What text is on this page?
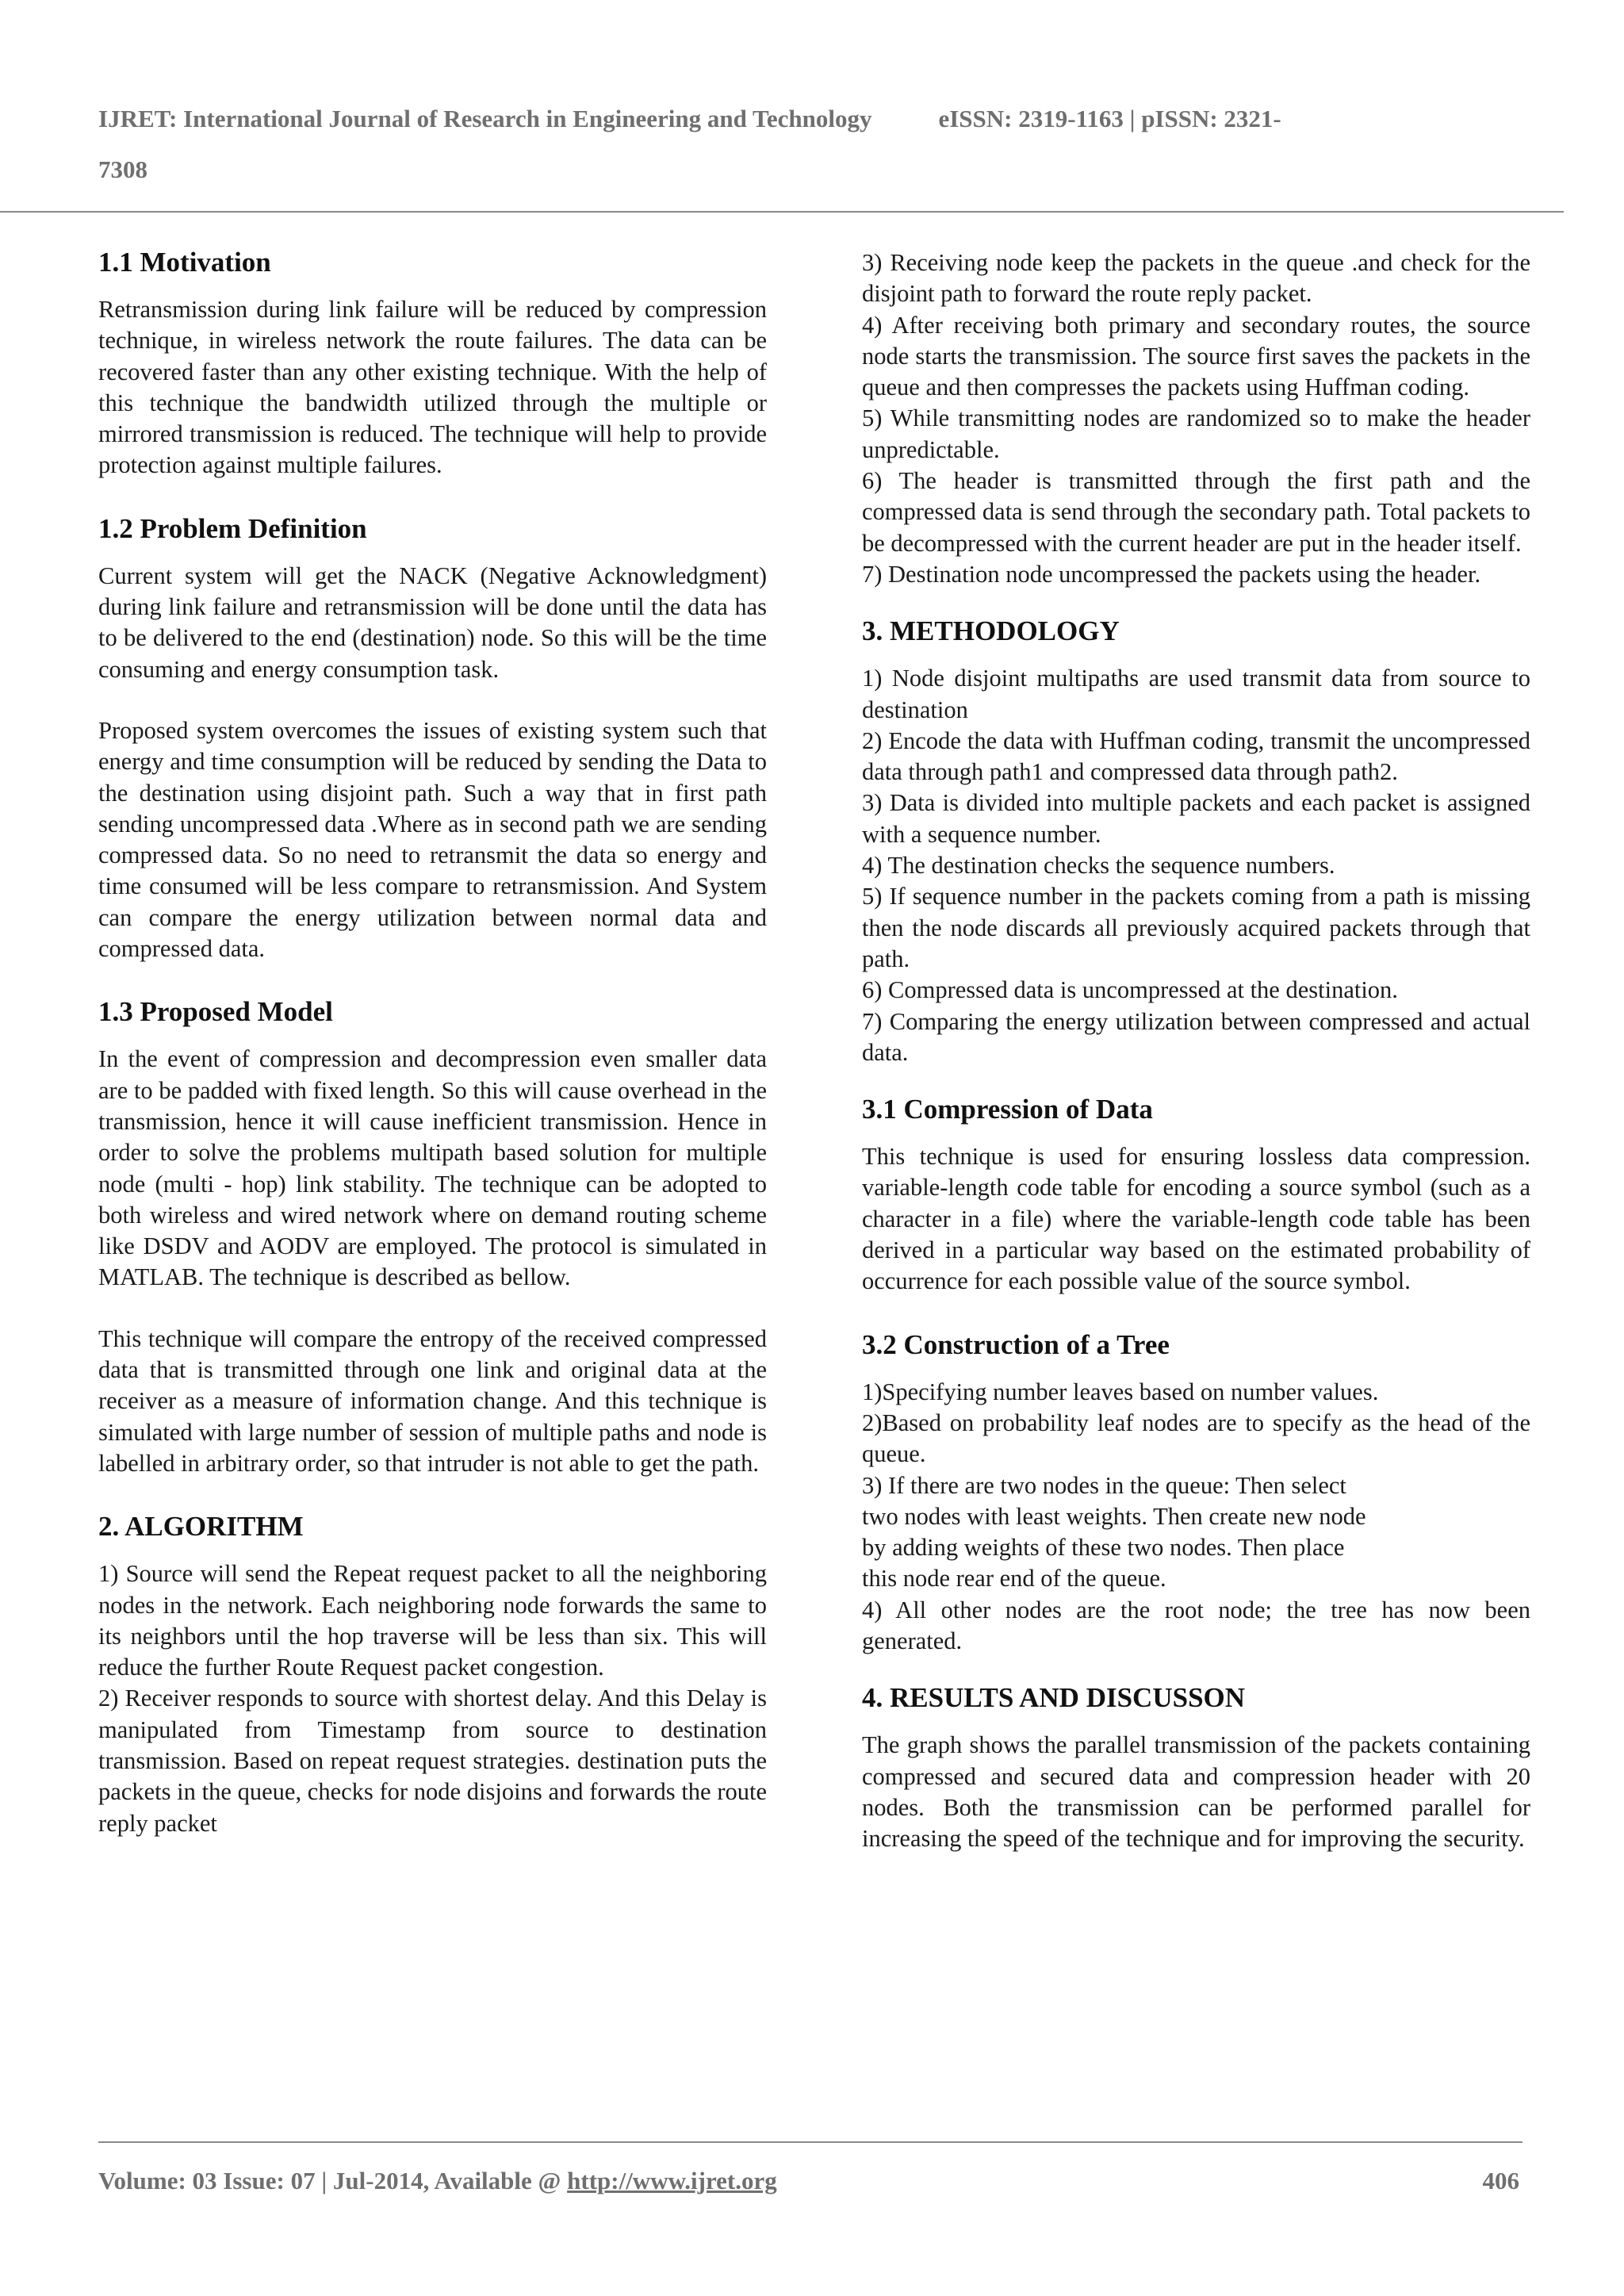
IJRET: International Journal of Research in Engineering and Technology	eISSN: 2319-1163 | pISSN: 2321-
7308
1.1 Motivation

Retransmission during link failure will be reduced by compression technique, in wireless network the route failures. The data can be recovered faster than any other existing technique. With the help of this technique the bandwidth utilized through the multiple or mirrored transmission is reduced. The technique will help to provide protection against multiple failures.

1.2 Problem Definition

Current system will get the NACK (Negative Acknowledgment) during link failure and retransmission will be done until the data has to be delivered to the end (destination) node. So this will be the time consuming and energy consumption task.

Proposed system overcomes the issues of existing system such that energy and time consumption will be reduced by sending the Data to the destination using disjoint path. Such a way that in first path sending uncompressed data .Where as in second path we are sending compressed data. So no need to retransmit the data so energy and time consumed will be less compare to retransmission. And System can compare the energy utilization between normal data and compressed data.

1.3 Proposed Model

In the event of compression and decompression even smaller data are to be padded with fixed length. So this will cause overhead in the transmission, hence it will cause inefficient transmission. Hence in order to solve the problems multipath based solution for multiple node (multi - hop) link stability. The technique can be adopted to both wireless and wired network where on demand routing scheme like DSDV and AODV are employed. The protocol is simulated in MATLAB. The technique is described as bellow.

This technique will compare the entropy of the received compressed data that is transmitted through one link and original data at the receiver as a measure of information change. And this technique is simulated with large number of session of multiple paths and node is labelled in arbitrary order, so that intruder is not able to get the path.

2. ALGORITHM
1) Source will send the Repeat request packet to all the neighboring nodes in the network. Each neighboring node forwards the same to its neighbors until the hop traverse will be less than six. This will reduce the further Route Request packet congestion.
2) Receiver responds to source with shortest delay. And this Delay is manipulated from Timestamp from source to destination transmission. Based on repeat request strategies. destination puts the packets in the queue, checks for node disjoins and forwards the route reply packet
3) Receiving node keep the packets in the queue .and check for the disjoint path to forward the route reply packet.
4) After receiving both primary and secondary routes, the source node starts the transmission. The source first saves the packets in the queue and then compresses the packets using Huffman coding.
5) While transmitting nodes are randomized so to make the header unpredictable.
6) The header is transmitted through the first path and the compressed data is send through the secondary path. Total packets to be decompressed with the current header are put in the header itself.
7) Destination node uncompressed the packets using the header.
3. METHODOLOGY
1) Node disjoint multipaths are used transmit data from source to destination
2) Encode the data with Huffman coding, transmit the uncompressed data through path1 and compressed data through path2.
3) Data is divided into multiple packets and each packet is assigned with a sequence number.
4) The destination checks the sequence numbers.
5) If sequence number in the packets coming from a path is missing then the node discards all previously acquired packets through that path.
6) Compressed data is uncompressed at the destination.
7) Comparing the energy utilization between compressed and actual data.
3.1 Compression of Data

This technique is used for ensuring lossless data compression. variable-length code table for encoding a source symbol (such as a character in a file) where the variable-length code table has been derived in a particular way based on the estimated probability of occurrence for each possible value of the source symbol.

3.2 Construction of a Tree
1)Specifying number leaves based on number values.
2)Based on probability leaf nodes are to specify as the head of the queue.
3) If there are two nodes in the queue: Then select
two nodes with least weights. Then create new node
by adding weights of these two nodes. Then place
this node rear end of the queue.
4) All other nodes are the root node; the tree has now been generated.
4. RESULTS AND DISCUSSON

The graph shows the parallel transmission of the packets containing compressed and secured data and compression header with 20 nodes. Both the transmission can be performed parallel for increasing the speed of the technique and for improving the security.

Volume: 03 Issue: 07 | Jul-2014, Available @ http://www.ijret.org	406
